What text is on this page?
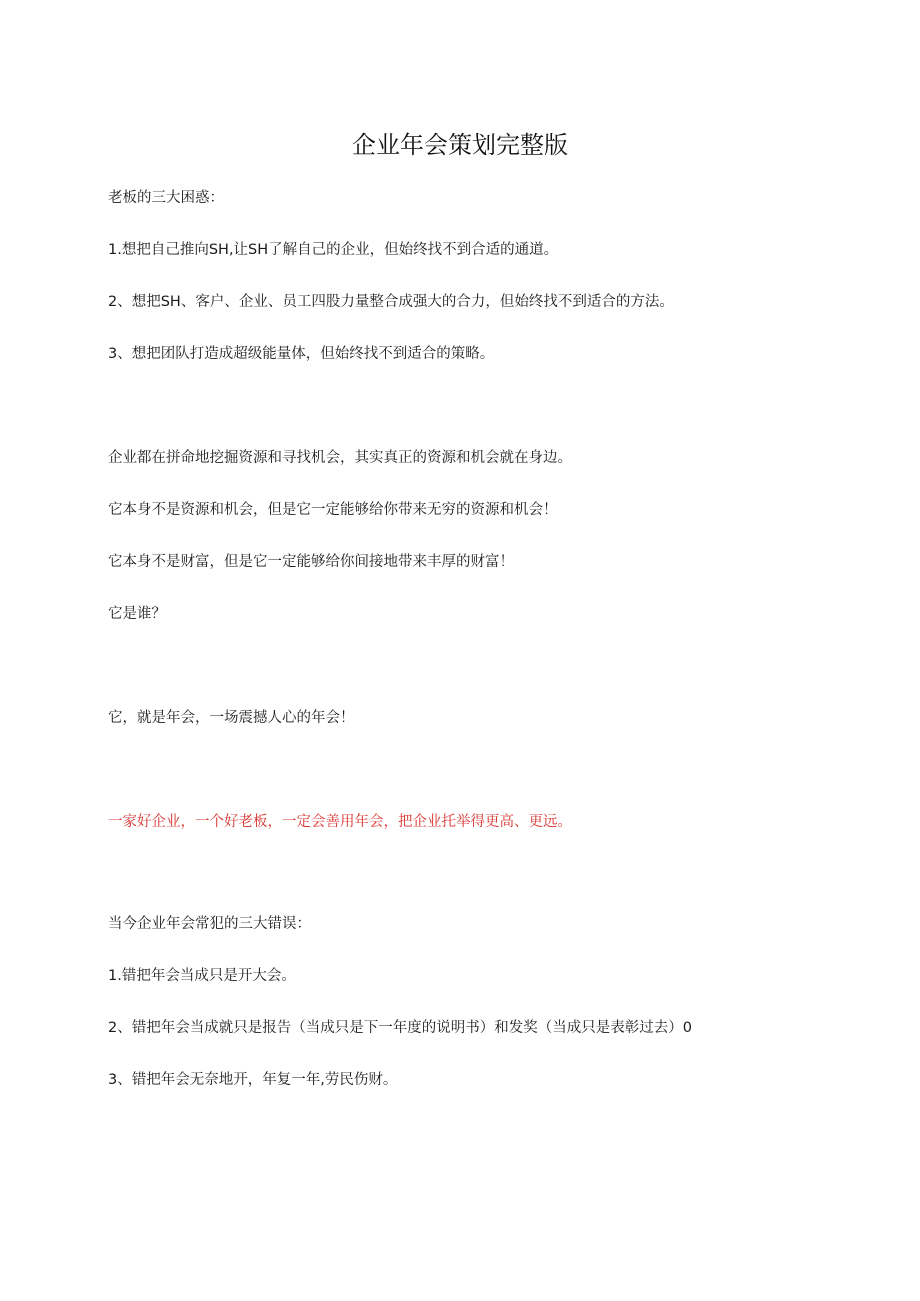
企业年会策划完整版

老板的三大困惑：

1.想把自己推向SH,让SH了解自己的企业，但始终找不到合适的通道。

2、想把SH、客户、企业、员工四股力量整合成强大的合力，但始终找不到适合的方法。

3、想把团队打造成超级能量体，但始终找不到适合的策略。

企业都在拼命地挖掘资源和寻找机会，其实真正的资源和机会就在身边。

它本身不是资源和机会，但是它一定能够给你带来无穷的资源和机会！

它本身不是财富，但是它一定能够给你间接地带来丰厚的财富！

它是谁？

它，就是年会，一场震撼人心的年会！

一家好企业，一个好老板，一定会善用年会，把企业托举得更高、更远。

当今企业年会常犯的三大错误：

1.错把年会当成只是开大会。

2、错把年会当成就只是报告（当成只是下一年度的说明书）和发奖（当成只是表彰过去）0

3、错把年会无奈地开，年复一年,劳民伤财。
